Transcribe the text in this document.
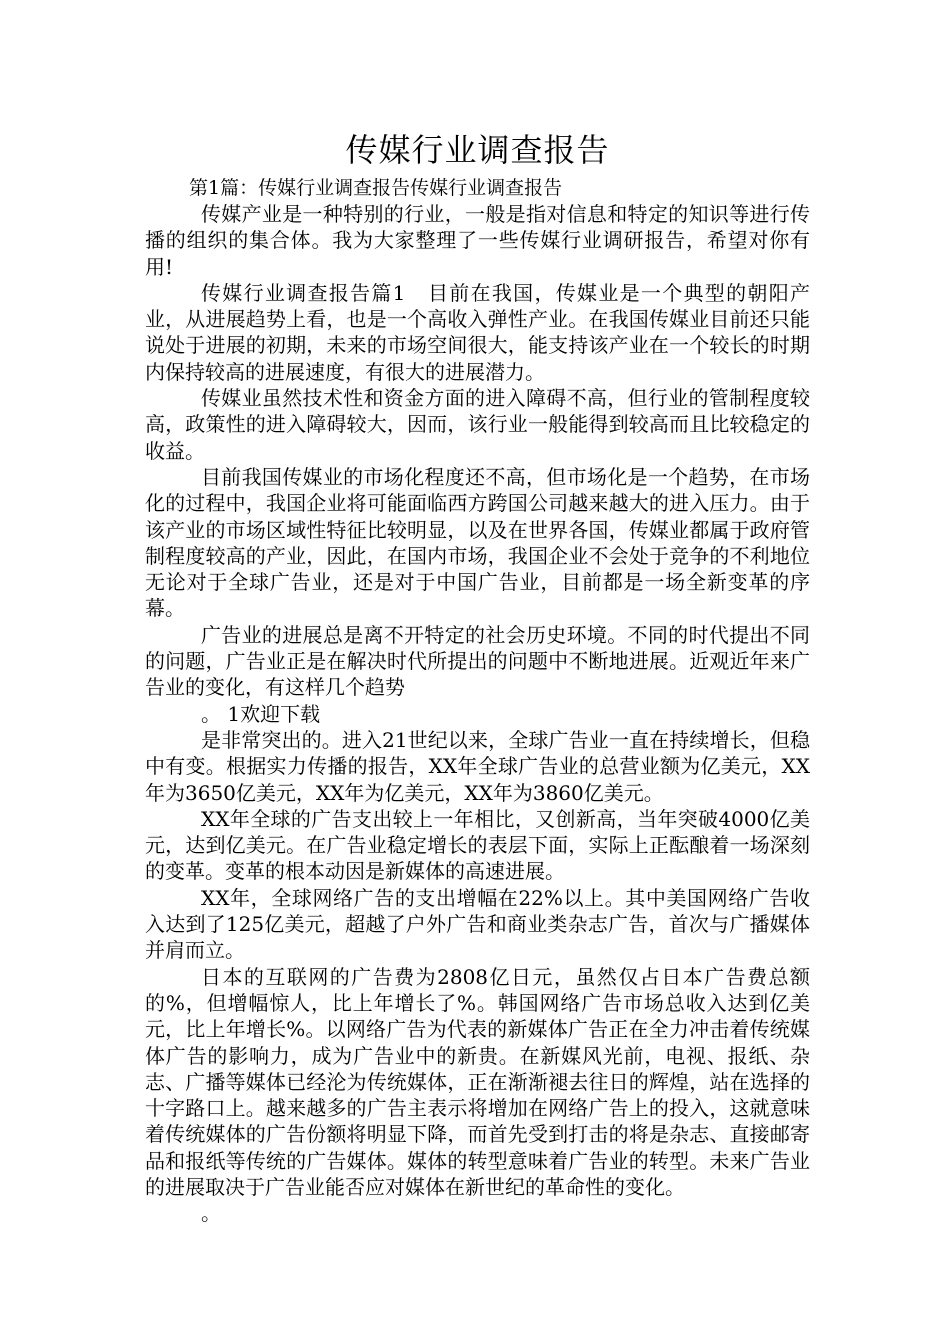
传媒行业调查报告
第1篇：传媒行业调查报告传媒行业调查报告

传媒产业是一种特别的行业，一般是指对信息和特定的知识等进行传播的组织的集合体。我为大家整理了一些传媒行业调研报告，希望对你有用!

传媒行业调查报告篇1　目前在我国，传媒业是一个典型的朝阳产业，从进展趋势上看，也是一个高收入弹性产业。在我国传媒业目前还只能说处于进展的初期，未来的市场空间很大，能支持该产业在一个较长的时期内保持较高的进展速度，有很大的进展潜力。

传媒业虽然技术性和资金方面的进入障碍不高，但行业的管制程度较高，政策性的进入障碍较大，因而，该行业一般能得到较高而且比较稳定的收益。

目前我国传媒业的市场化程度还不高，但市场化是一个趋势，在市场化的过程中，我国企业将可能面临西方跨国公司越来越大的进入压力。由于该产业的市场区域性特征比较明显，以及在世界各国，传媒业都属于政府管制程度较高的产业，因此，在国内市场，我国企业不会处于竞争的不利地位无论对于全球广告业，还是对于中国广告业，目前都是一场全新变革的序幕。

广告业的进展总是离不开特定的社会历史环境。不同的时代提出不同的问题，广告业正是在解决时代所提出的问题中不断地进展。近观近年来广告业的变化，有这样几个趋势

。 1欢迎下载

是非常突出的。进入21世纪以来，全球广告业一直在持续增长，但稳中有变。根据实力传播的报告，XX年全球广告业的总营业额为亿美元，XX年为3650亿美元，XX年为亿美元，XX年为3860亿美元。

XX年全球的广告支出较上一年相比，又创新高，当年突破4000亿美元，达到亿美元。在广告业稳定增长的表层下面，实际上正酝酿着一场深刻的变革。变革的根本动因是新媒体的高速进展。

XX年，全球网络广告的支出增幅在22%以上。其中美国网络广告收入达到了125亿美元，超越了户外广告和商业类杂志广告，首次与广播媒体并肩而立。

日本的互联网的广告费为2808亿日元，虽然仅占日本广告费总额的%，但增幅惊人，比上年增长了%。韩国网络广告市场总收入达到亿美元，比上年增长%。以网络广告为代表的新媒体广告正在全力冲击着传统媒体广告的影响力，成为广告业中的新贵。在新媒风光前，电视、报纸、杂志、广播等媒体已经沦为传统媒体，正在渐渐褪去往日的辉煌，站在选择的十字路口上。越来越多的广告主表示将增加在网络广告上的投入，这就意味着传统媒体的广告份额将明显下降，而首先受到打击的将是杂志、直接邮寄品和报纸等传统的广告媒体。媒体的转型意味着广告业的转型。未来广告业的进展取决于广告业能否应对媒体在新世纪的革命性的变化。

。
